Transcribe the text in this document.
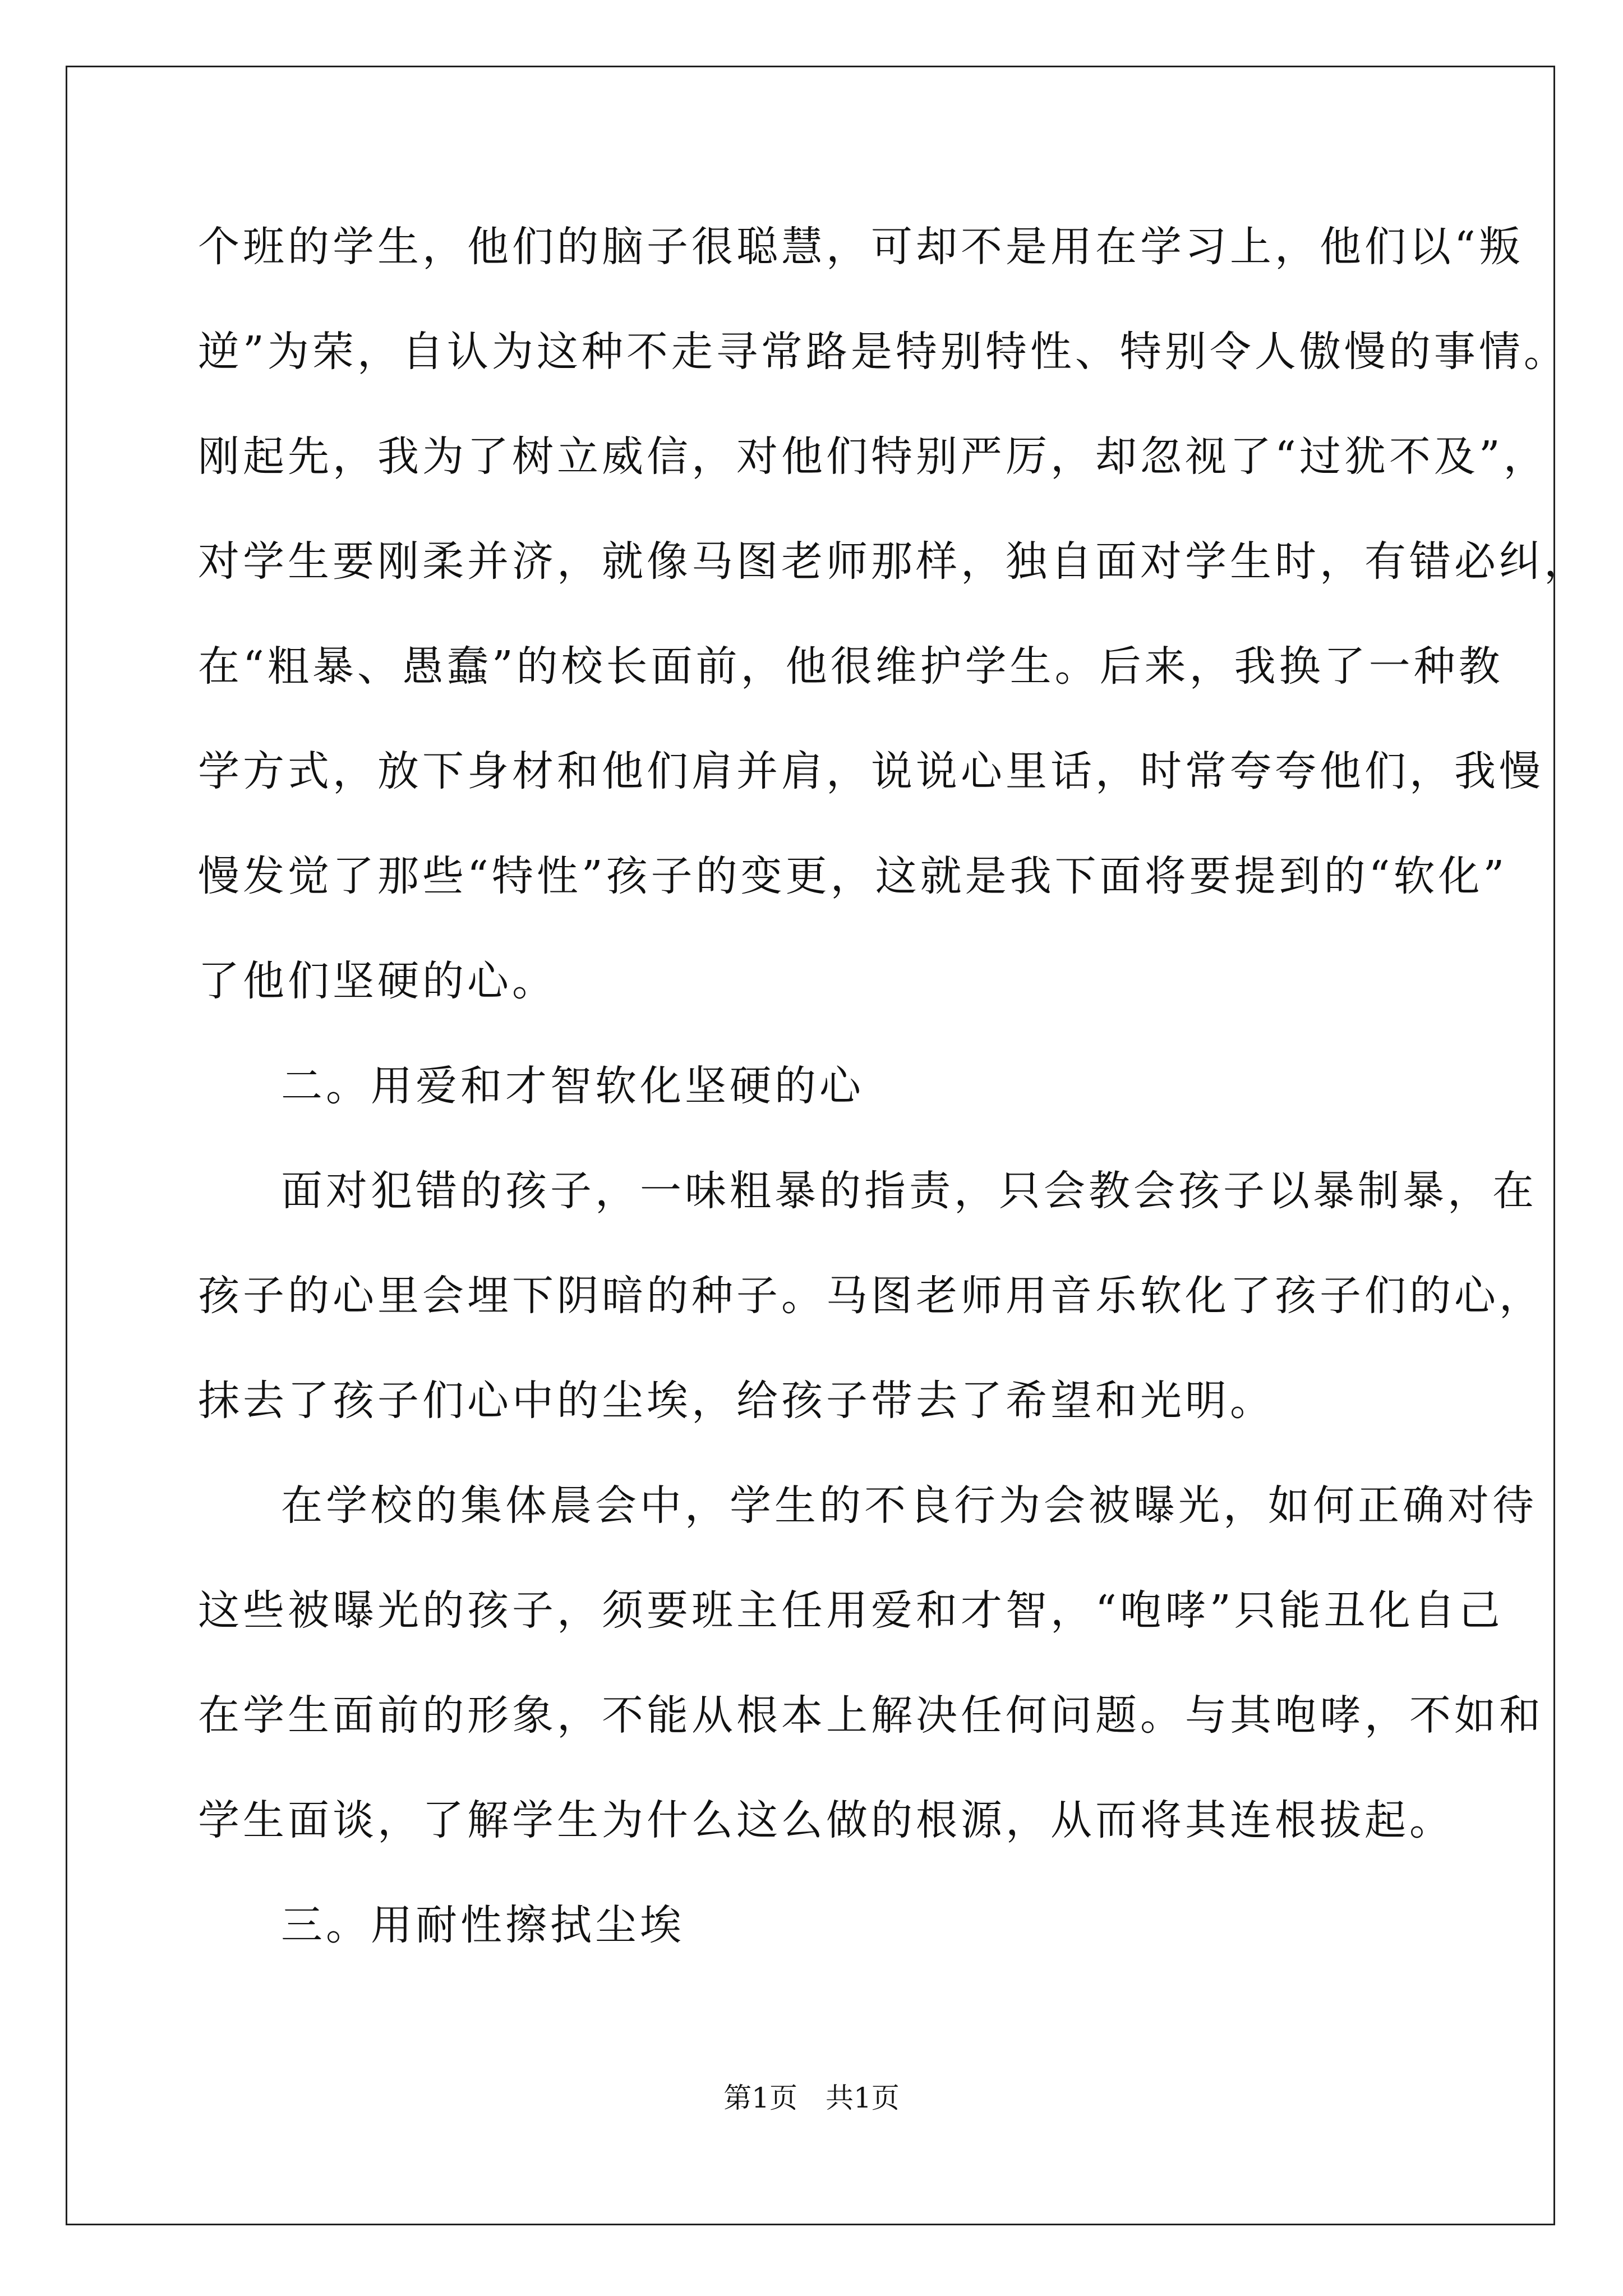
个班的学生，他们的脑子很聪慧，可却不是用在学习上，他们以“叛
逆”为荣，自认为这种不走寻常路是特别特性、特别令人傲慢的事情。
刚起先，我为了树立威信，对他们特别严厉，却忽视了“过犹不及”，
对学生要刚柔并济，就像马图老师那样，独自面对学生时，有错必纠，
在“粗暴、愚蠢”的校长面前，他很维护学生。后来，我换了一种教
学方式，放下身材和他们肩并肩，说说心里话，时常夸夸他们，我慢
慢发觉了那些“特性”孩子的变更，这就是我下面将要提到的“软化”
了他们坚硬的心。
二。用爱和才智软化坚硬的心
面对犯错的孩子，一味粗暴的指责，只会教会孩子以暴制暴，在
孩子的心里会埋下阴暗的种子。马图老师用音乐软化了孩子们的心，
抹去了孩子们心中的尘埃，给孩子带去了希望和光明。
在学校的集体晨会中，学生的不良行为会被曝光，如何正确对待
这些被曝光的孩子，须要班主任用爱和才智，“咆哮”只能丑化自己
在学生面前的形象，不能从根本上解决任何问题。与其咆哮，不如和
学生面谈，了解学生为什么这么做的根源，从而将其连根拔起。
三。用耐性擦拭尘埃
第1页　共1页
